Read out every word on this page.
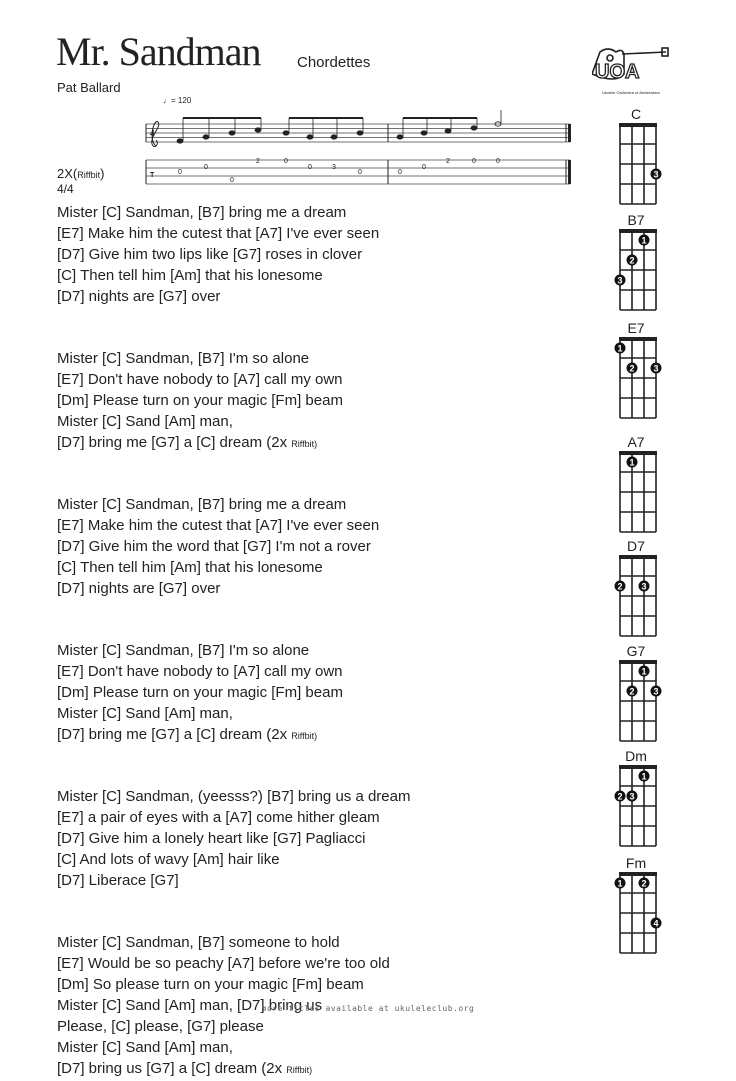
Mr. Sandman Chordettes
Pat Ballard
♩= 120
T	0
0
0
2	0
0	3
0	0
0
2	0	0
4
2X(Riffbit)
4/4
Mister [C] Sandman, [B7] bring me a dream
[E7] Make him the cutest that [A7] I've ever seen
[D7] Give him two lips like [G7] roses in clover
[C] Then tell him [Am] that his lonesome
[D7] nights are [G7] over
Mister [C] Sandman, [B7] I'm so alone
[E7] Don't have nobody to [A7] call my own
[Dm] Please turn on your magic [Fm] beam
Mister [C] Sand [Am] man,
[D7] bring me [G7] a [C] dream (2x Riffbit)
Mister [C] Sandman, [B7] bring me a dream
[E7] Make him the cutest that [A7] I've ever seen
[D7] Give him the word that [G7] I'm not a rover
[C] Then tell him [Am] that his lonesome
[D7] nights are [G7] over
Mister [C] Sandman, [B7] I'm so alone
[E7] Don't have nobody to [A7] call my own
[Dm] Please turn on your magic [Fm] beam
Mister [C] Sand [Am] man,
[D7] bring me [G7] a [C] dream (2x Riffbit)
Mister [C] Sandman, (yeesss?) [B7] bring us a dream
[E7] a pair of eyes with a [A7] come hither gleam
[D7] Give him a lonely heart like [G7] Pagliacci
[C] And lots of wavy [Am] hair like
[D7] Liberace [G7]
Mister [C] Sandman, [B7] someone to hold
[E7] Would be so peachy [A7] before we're too old
[Dm] So please turn on your magic [Fm] beam
Mister [C] Sand [Am] man, [D7] bring us
Please, [C] please, [G7] please
Mister [C] Sand [Am] man,
[D7] bring us [G7] a [C] dream (2x Riffbit)
UOA
Ukulele Orchestra of Amsterdam
C
3
B7
1
2
3
E7
1
2 3
A7
1
D7
2 3
G7
1
2 3
Dm
1
2 3
Fm
1 2
4
more titles available at ukuleleclub.org
